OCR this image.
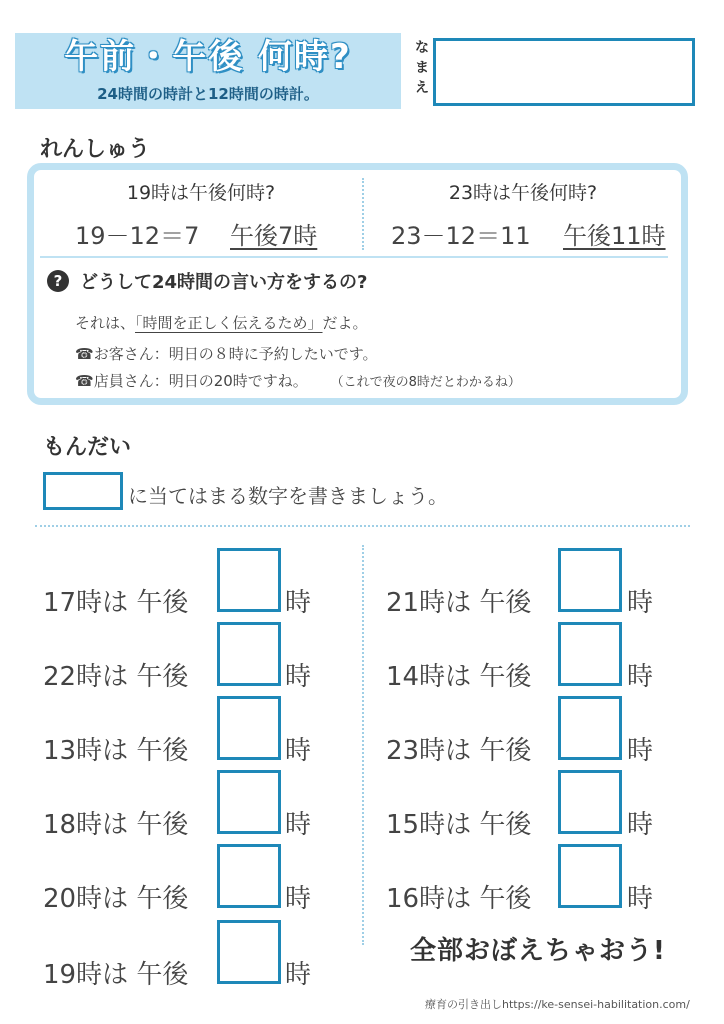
午前・午後 何時?
24時間の時計と12時間の時計。
なまえ
れんしゅう
19時は午後何時?
19－12＝7 午後7時
23時は午後何時?
23－12＝11 午後11時
? どうして24時間の言い方をするの?
それは、「時間を正しく伝えるため」だよ。
☎お客さん：明日の８時に予約したいです。
☎店員さん：明日の20時ですね。 （これで夜の8時だとわかるね）
もんだい
に当てはまる数字を書きましょう。
17時は 午後	時
22時は 午後	時
13時は 午後	時
18時は 午後	時
20時は 午後	時
19時は 午後	時
21時は 午後	時
14時は 午後	時
23時は 午後	時
15時は 午後	時
16時は 午後	時
全部おぼえちゃおう!
療育の引き出しhttps://ke-sensei-habilitation.com/
